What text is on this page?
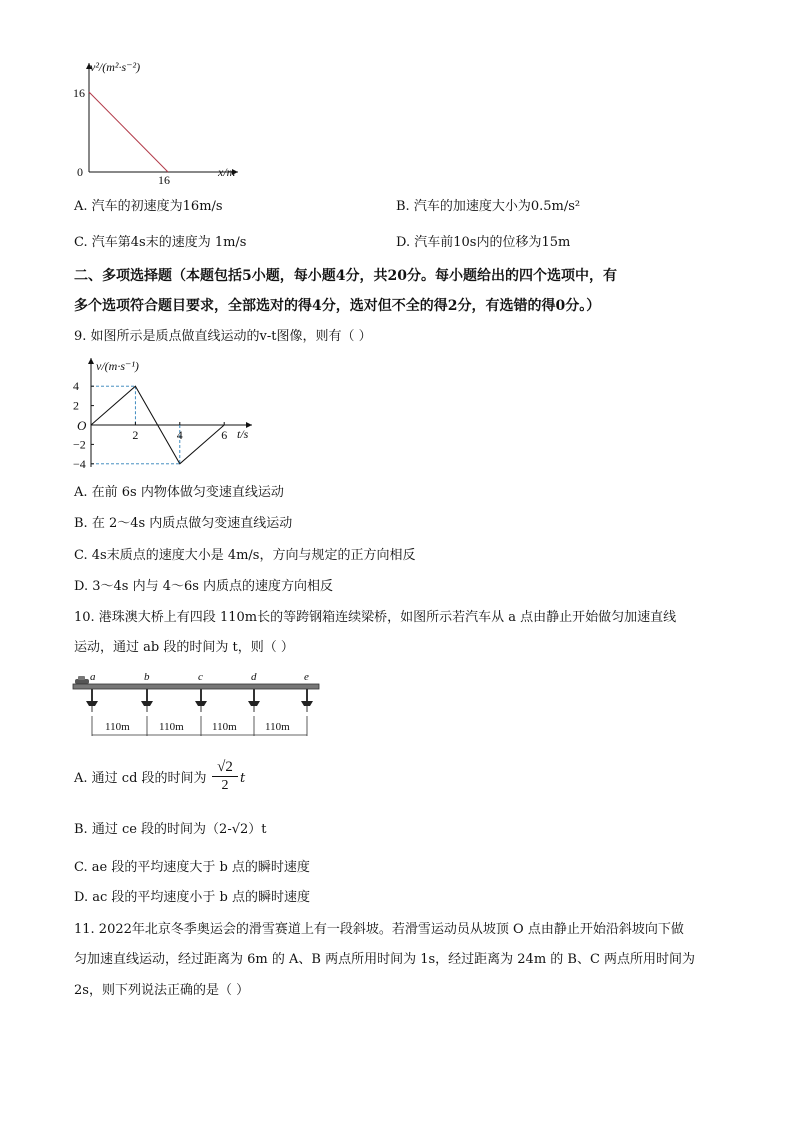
v²/(m²·s⁻²)
x/m
16
16
0
A. 汽车的初速度为16m/s	B. 汽车的加速度大小为0.5m/s²
C. 汽车第4s末的速度为 1m/s	D. 汽车前10s内的位移为15m
二、多项选择题（本题包括5小题，每小题4分，共20分。每小题给出的四个选项中，有
多个选项符合题目要求，全部选对的得4分，选对但不全的得2分，有选错的得0分。）
9. 如图所示是质点做直线运动的v-t图像，则有（ ）
v/(m·s⁻¹)
t/s
O
4
2
−2
−4
2	4	6
A. 在前 6s 内物体做匀变速直线运动
B. 在 2～4s 内质点做匀变速直线运动
C. 4s末质点的速度大小是 4m/s，方向与规定的正方向相反
D. 3～4s 内与 4～6s 内质点的速度方向相反
10. 港珠澳大桥上有四段 110m长的等跨钢箱连续梁桥，如图所示若汽车从 a 点由静止开始做匀加速直线
运动，通过 ab 段的时间为 t，则（ ）
a	b	c	d	e
110m	110m	110m	110m
A. 通过 cd 段的时间为 $\frac{√2}{2}$ t
B. 通过 ce 段的时间为（2-√2）t
C. ae 段的平均速度大于 b 点的瞬时速度
D. ac 段的平均速度小于 b 点的瞬时速度
11. 2022年北京冬季奥运会的滑雪赛道上有一段斜坡。若滑雪运动员从坡顶 O 点由静止开始沿斜坡向下做
匀加速直线运动，经过距离为 6m 的 A、B 两点所用时间为 1s，经过距离为 24m 的 B、C 两点所用时间为
2s，则下列说法正确的是（ ）
